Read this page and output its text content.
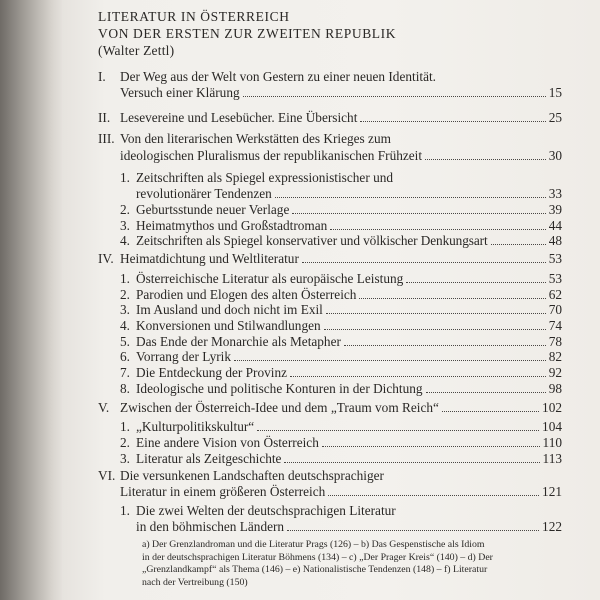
LITERATUR IN ÖSTERREICH
VON DER ERSTEN ZUR ZWEITEN REPUBLIK
(Walter Zettl)
I. Der Weg aus der Welt von Gestern zu einer neuen Identität.
Versuch einer Klärung	15
II. Lesevereine und Lesebücher. Eine Übersicht	25
III. Von den literarischen Werkstätten des Krieges zum
ideologischen Pluralismus der republikanischen Frühzeit	30
1. Zeitschriften als Spiegel expressionistischer und
revolutionärer Tendenzen	33
2. Geburtsstunde neuer Verlage	39
3. Heimatmythos und Großstadtroman	44
4. Zeitschriften als Spiegel konservativer und völkischer Denkungsart	48
IV. Heimatdichtung und Weltliteratur	53
1. Österreichische Literatur als europäische Leistung	53
2. Parodien und Elogen des alten Österreich	62
3. Im Ausland und doch nicht im Exil	70
4. Konversionen und Stilwandlungen	74
5. Das Ende der Monarchie als Metapher	78
6. Vorrang der Lyrik	82
7. Die Entdeckung der Provinz	92
8. Ideologische und politische Konturen in der Dichtung	98
V. Zwischen der Österreich-Idee und dem „Traum vom Reich“	102
1. „Kulturpolitikskultur“	104
2. Eine andere Vision von Österreich	110
3. Literatur als Zeitgeschichte	113
VI. Die versunkenen Landschaften deutschsprachiger
Literatur in einem größeren Österreich	121
1. Die zwei Welten der deutschsprachigen Literatur
in den böhmischen Ländern	122
a) Der Grenzlandroman und die Literatur Prags (126) – b) Das Gespenstische als Idiom
in der deutschsprachigen Literatur Böhmens (134) – c) „Der Prager Kreis“ (140) – d) Der
„Grenzlandkampf“ als Thema (146) – e) Nationalistische Tendenzen (148) – f) Literatur
nach der Vertreibung (150)
